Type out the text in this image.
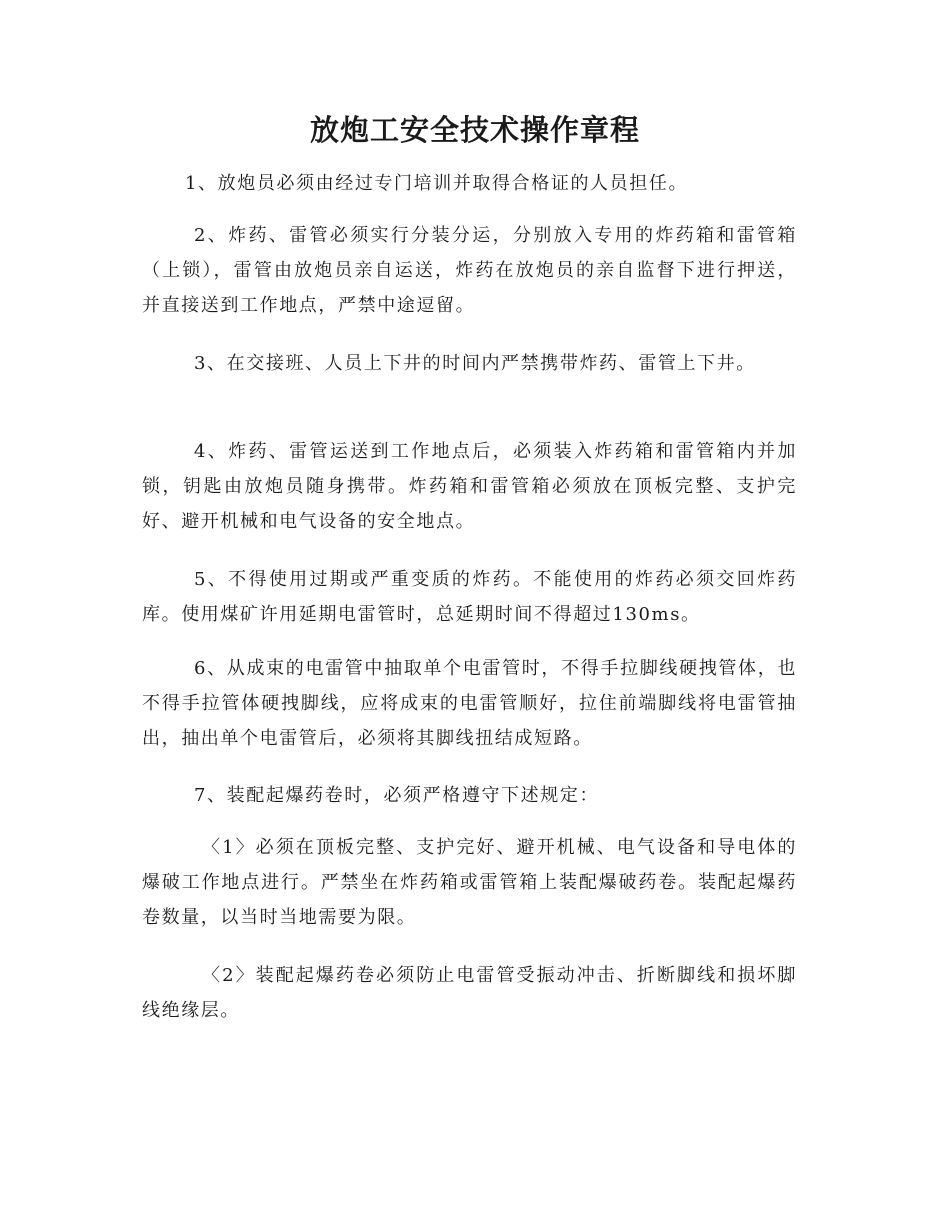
放炮工安全技术操作章程

1、放炮员必须由经过专门培训并取得合格证的人员担任。

2、炸药、雷管必须实行分装分运，分别放入专用的炸药箱和雷管箱（上锁），雷管由放炮员亲自运送，炸药在放炮员的亲自监督下进行押送，并直接送到工作地点，严禁中途逗留。

3、在交接班、人员上下井的时间内严禁携带炸药、雷管上下井。

4、炸药、雷管运送到工作地点后，必须装入炸药箱和雷管箱内并加锁，钥匙由放炮员随身携带。炸药箱和雷管箱必须放在顶板完整、支护完好、避开机械和电气设备的安全地点。

5、不得使用过期或严重变质的炸药。不能使用的炸药必须交回炸药库。使用煤矿许用延期电雷管时，总延期时间不得超过130ms。

6、从成束的电雷管中抽取单个电雷管时，不得手拉脚线硬拽管体，也不得手拉管体硬拽脚线，应将成束的电雷管顺好，拉住前端脚线将电雷管抽出，抽出单个电雷管后，必须将其脚线扭结成短路。

7、装配起爆药卷时，必须严格遵守下述规定：

〈1〉必须在顶板完整、支护完好、避开机械、电气设备和导电体的爆破工作地点进行。严禁坐在炸药箱或雷管箱上装配爆破药卷。装配起爆药卷数量，以当时当地需要为限。

〈2〉装配起爆药卷必须防止电雷管受振动冲击、折断脚线和损坏脚线绝缘层。
